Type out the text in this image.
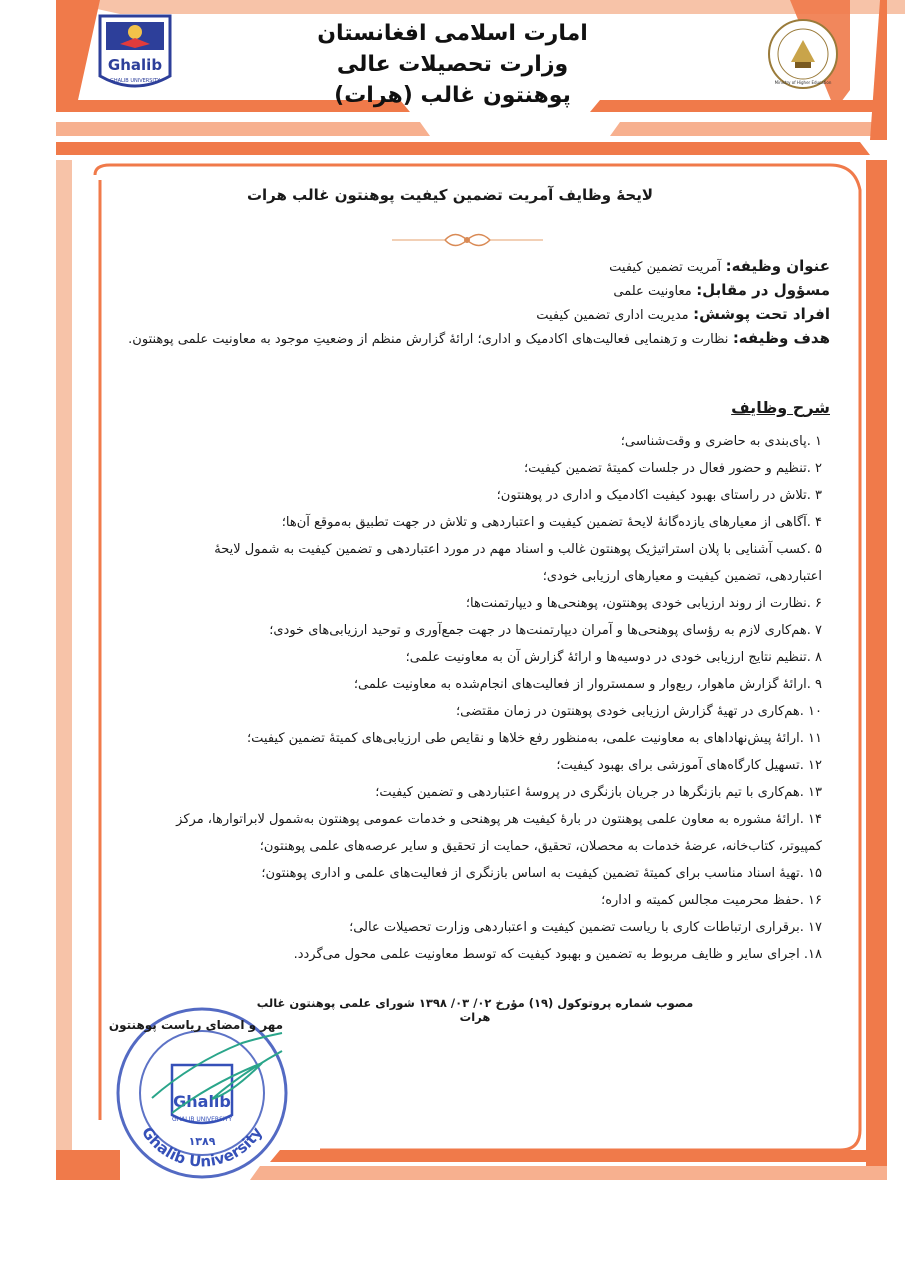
Ghalib
GHALIB UNIVERSITY	Ministry of Higher Education
امارت اسلامی افغانستان
وزارت تحصیلات عالی
پوهنتون غالب (هرات)
لایحهٔ وظایف آمریت تضمین کیفیت پوهنتون غالب هرات
عنوان وظیفه: آمریت تضمین کیفیت
مسؤول در مقابل: معاونیت علمی
افراد تحت پوشش: مدیریت اداری تضمین کیفیت
هدف وظیفه: نظارت و رَهنمایی فعالیت‌های اکادمیک و اداری؛ ارائهٔ گزارش منظم از وضعیتِ موجود به معاونیت علمی پوهنتون.
شرح وظایف
۱ .پای‌بندی به حاضری و وقت‌شناسی؛
۲ .تنظیم و حضور فعال در جلسات کمیتهٔ تضمین کیفیت؛
۳ .تلاش در راستای بهبود کیفیت اکادمیک و اداری در پوهنتون؛
۴ .آگاهی از معیارهای یازده‌گانهٔ لایحهٔ تضمین کیفیت و اعتباردهی و تلاش در جهت تطبیق به‌موقع آن‌ها؛
۵ .کسب آشنایی با پلان استراتیژیک پوهنتون غالب و اسناد مهم در مورد اعتباردهی و تضمین کیفیت به شمول لایحهٔ اعتباردهی، تضمین کیفیت و معیارهای ارزیابی خودی؛
۶ .نظارت از روند ارزیابی خودی پوهنتون، پوهنحی‌ها و دیپارتمنت‌ها؛
۷ .هم‌کاری لازم به رؤسای پوهنحی‌ها و آمران دیپارتمنت‌ها در جهت جمع‌آوری و توحید ارزیابی‌های خودی؛
۸ .تنظیم نتایج ارزیابی خودی در دوسیه‌ها و ارائهٔ گزارش آن به معاونیت علمی؛
۹ .ارائهٔ گزارش ماهوار، ربع‌وار و سمستروار از فعالیت‌های انجام‌شده به معاونیت علمی؛
۱۰ .هم‌کاری در تهیهٔ گزارش ارزیابی خودی پوهنتون در زمان مقتضی؛
۱۱ .ارائهٔ پیش‌نهاداهای به معاونیت علمی، به‌منظور رفع خلاها و نقایص طی ارزیابی‌های کمیتهٔ تضمین کیفیت؛
۱۲ .تسهیل کارگاه‌های آموزشی برای بهبود کیفیت؛
۱۳ .هم‌کاری با تیم بازنگرها در جریان بازنگری در پروسهٔ اعتباردهی و تضمین کیفیت؛
۱۴ .ارائهٔ مشوره به معاون علمی پوهنتون در بارهٔ کیفیت هر پوهنحی و خدمات عمومی پوهنتون به‌شمول لابراتوارها، مرکز کمپیوتر، کتاب‌خانه، عرضهٔ خدمات به محصلان، تحقیق، حمایت از تحقیق و سایر عرصه‌های علمی پوهنتون؛
۱۵ .تهیهٔ اسناد مناسب برای کمیتهٔ تضمین کیفیت به اساس بازنگری از فعالیت‌های علمی و اداری پوهنتون؛
۱۶ .حفظ محرمیت مجالس کمیته و اداره؛
۱۷ .برقراری ارتباطات کاری با ریاست تضمین کیفیت و اعتباردهی وزارت تحصیلات عالی؛
۱۸. اجرای سایر و ظایف مربوط به تضمین و بهبود کیفیت که توسط معاونیت علمی محول می‌گردد.
مصوب شماره پروتوکول (۱۹) مؤرخ ۰۲/ ۰۳/ ۱۳۹۸ شورای علمی پوهنتون غالب هرات
Ghalib
GHALIB UNIVERSITY
۱۳۸۹
Ghalib University
مهر و امضای ریاست پوهنتون
